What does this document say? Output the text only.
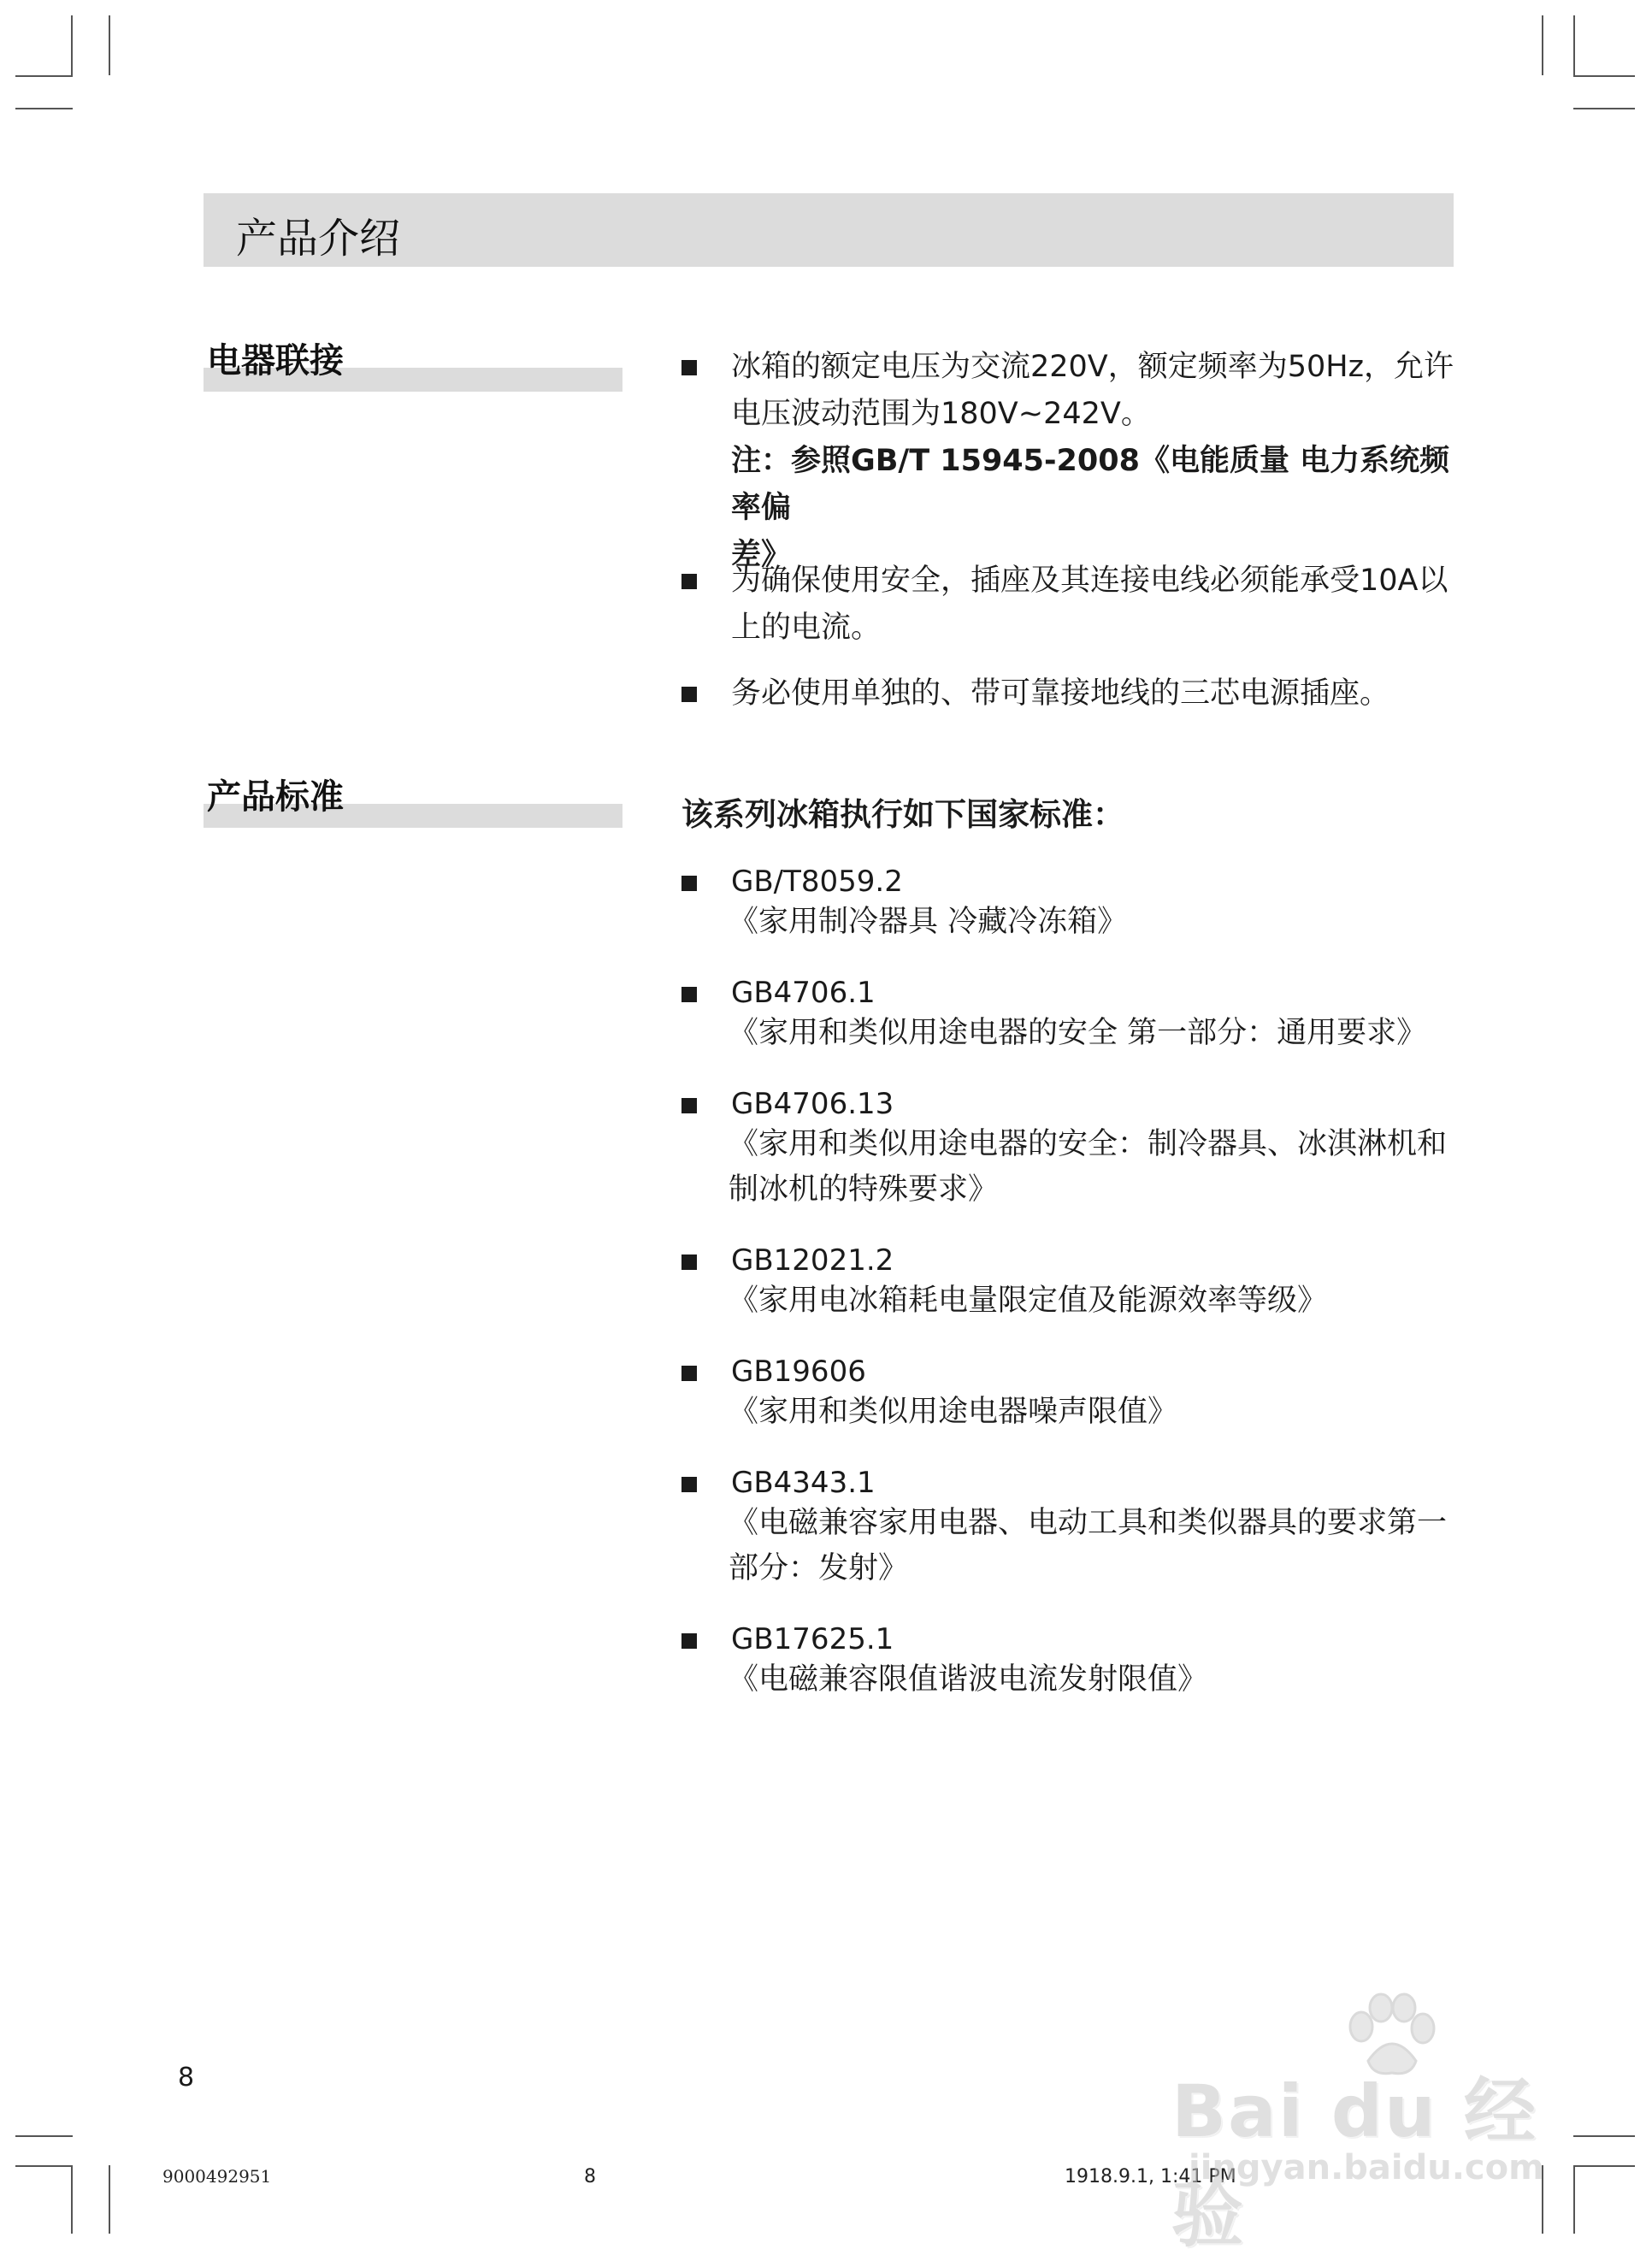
产品介绍
电器联接	冰箱的额定电压为交流220V，额定频率为50Hz，允许
电压波动范围为180V~242V。
注：参照GB/T 15945-2008《电能质量 电力系统频率偏
差》
为确保使用安全，插座及其连接电线必须能承受10A以
上的电流。
务必使用单独的、带可靠接地线的三芯电源插座。
产品标准	该系列冰箱执行如下国家标准：
GB/T8059.2
《家用制冷器具 冷藏冷冻箱》
GB4706.1
《家用和类似用途电器的安全 第一部分：通用要求》
GB4706.13
《家用和类似用途电器的安全：制冷器具、冰淇淋机和
制冰机的特殊要求》
GB12021.2
《家用电冰箱耗电量限定值及能源效率等级》
GB19606
《家用和类似用途电器噪声限值》
GB4343.1
《电磁兼容家用电器、电动工具和类似器具的要求第一
部分：发射》
GB17625.1
《电磁兼容限值谐波电流发射限值》
8
9000492951	8	1918.9.1, 1:41 PM
Bai du 经验
jingyan.baidu.com
